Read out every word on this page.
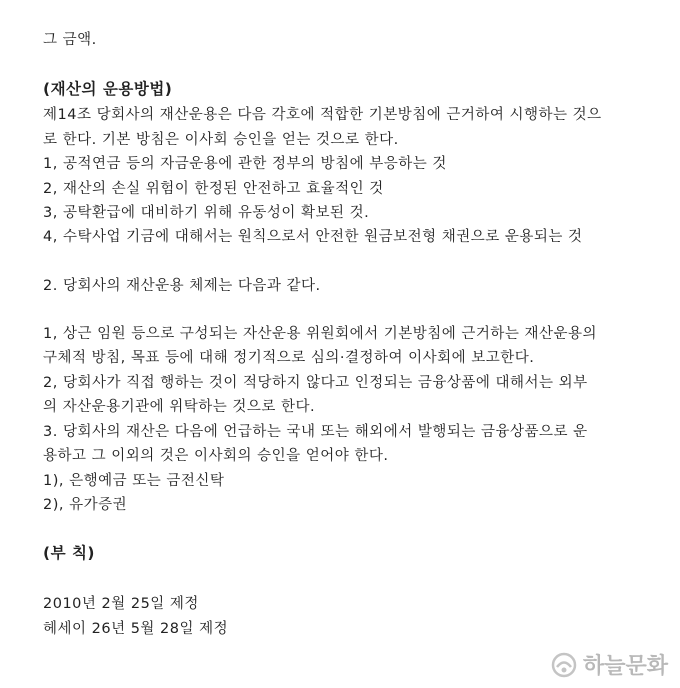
그 금액.
(재산의 운용방법)
제14조 당회사의 재산운용은 다음 각호에 적합한 기본방침에 근거하여 시행하는 것으
로 한다. 기본 방침은 이사회 승인을 얻는 것으로 한다.
1, 공적연금 등의 자금운용에 관한 정부의 방침에 부응하는 것
2, 재산의 손실 위험이 한정된 안전하고 효율적인 것
3, 공탁환급에 대비하기 위해 유동성이 확보된 것.
4, 수탁사업 기금에 대해서는 원칙으로서 안전한 원금보전형 채권으로 운용되는 것
2. 당회사의 재산운용 체제는 다음과 같다.
1, 상근 임원 등으로 구성되는 자산운용 위원회에서 기본방침에 근거하는 재산운용의
구체적 방침, 목표 등에 대해 정기적으로 심의·결정하여 이사회에 보고한다.
2, 당회사가 직접 행하는 것이 적당하지 않다고 인정되는 금융상품에 대해서는 외부
의 자산운용기관에 위탁하는 것으로 한다.
3. 당회사의 재산은 다음에 언급하는 국내 또는 해외에서 발행되는 금융상품으로 운
용하고 그 이외의 것은 이사회의 승인을 얻어야 한다.
1), 은행예금 또는 금전신탁
2), 유가증권
(부 칙)
2010년 2월 25일 제정
헤세이 26년 5월 28일 제정
하늘문화
